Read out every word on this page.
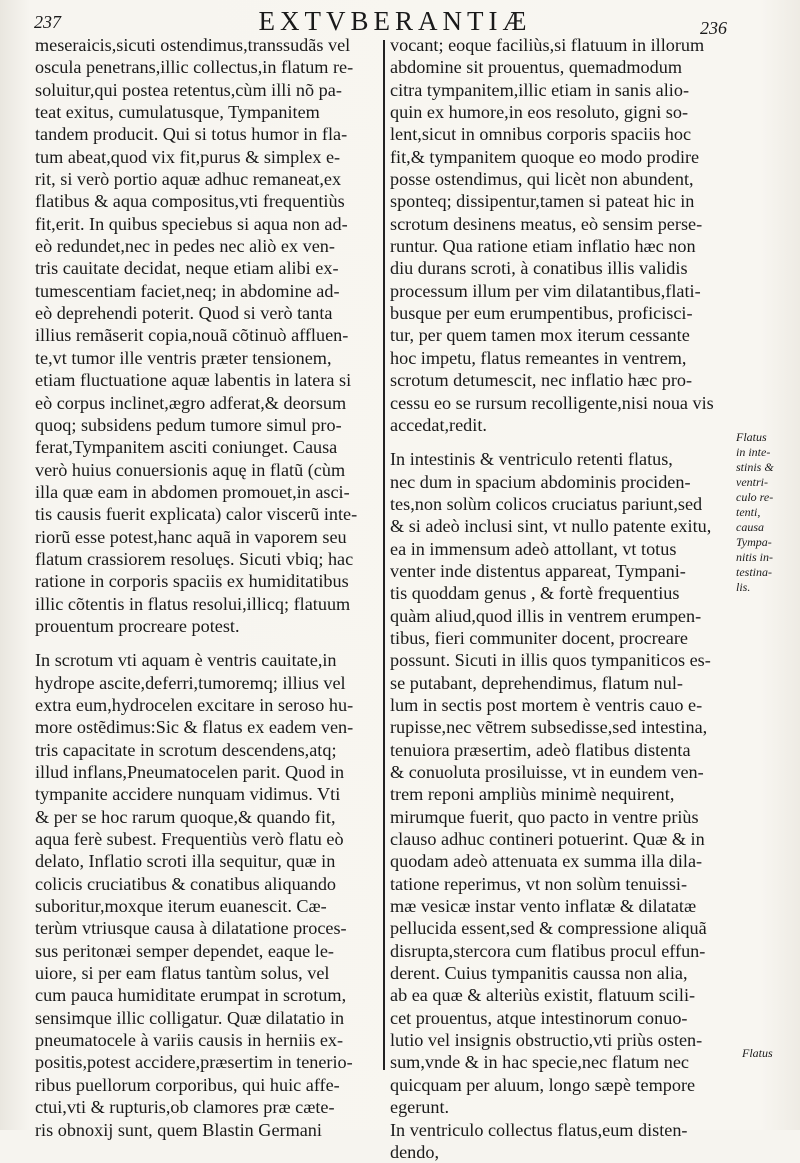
237	EXTVBERANTIÆ	236
meseraicis,sicuti ostendimus,transsudãs vel
oscula penetrans,illic collectus,in flatum re-
soluitur,qui postea retentus,cùm illi nõ pa-
teat exitus, cumulatusque, Tympanitem
tandem producit. Qui si totus humor in fla-
tum abeat,quod vix fit,purus & simplex e-
rit, si verò portio aquæ adhuc remaneat,ex
flatibus & aqua compositus,vti frequentiùs
fit,erit. In quibus speciebus si aqua non ad-
eò redundet,nec in pedes nec aliò ex ven-
tris cauitate decidat, neque etiam alibi ex-
tumescentiam faciet,neq; in abdomine ad-
eò deprehendi poterit. Quod si verò tanta
illius remãserit copia,nouã cõtinuò affluen-
te,vt tumor ille ventris præter tensionem,
etiam fluctuatione aquæ labentis in latera si
eò corpus inclinet,ægro adferat,& deorsum
quoq; subsidens pedum tumore simul pro-
ferat,Tympanitem asciti coniunget. Causa
verò huius conuersionis aquę in flatũ (cùm
illa quæ eam in abdomen promouet,in asci-
tis causis fuerit explicata) calor viscerũ inte-
riorũ esse potest,hanc aquã in vaporem seu
flatum crassiorem resoluęs. Sicuti vbiq; hac
ratione in corporis spaciis ex humiditatibus
illic cõtentis in flatus resolui,illicq; flatuum
prouentum procreare potest.
In scrotum vti aquam è ventris cauitate,in
hydrope ascite,deferri,tumoremq; illius vel
extra eum,hydrocelen excitare in seroso hu-
more ostẽdimus:Sic & flatus ex eadem ven-
tris capacitate in scrotum descendens,atq;
illud inflans,Pneumatocelen parit. Quod in
tympanite accidere nunquam vidimus. Vti
& per se hoc rarum quoque,& quando fit,
aqua ferè subest. Frequentiùs verò flatu eò
delato, Inflatio scroti illa sequitur, quæ in
colicis cruciatibus & conatibus aliquando
suboritur,moxque iterum euanescit. Cæ-
terùm vtriusque causa à dilatatione proces-
sus peritonæi semper dependet, eaque le-
uiore, si per eam flatus tantùm solus, vel
cum pauca humiditate erumpat in scrotum,
sensimque illic colligatur. Quæ dilatatio in
pneumatocele à variis causis in herniis ex-
positis,potest accidere,præsertim in tenerio-
ribus puellorum corporibus, qui huic affe-
ctui,vti & rupturis,ob clamores præ cæte-
ris obnoxij sunt, quem Blastin Germani
vocant; eoque faciliùs,si flatuum in illorum
abdomine sit prouentus, quemadmodum
citra tympanitem,illic etiam in sanis alio-
quin ex humore,in eos resoluto, gigni so-
lent,sicut in omnibus corporis spaciis hoc
fit,& tympanitem quoque eo modo prodire
posse ostendimus, qui licèt non abundent,
sponteq; dissipentur,tamen si pateat hic in
scrotum desinens meatus, eò sensim perse-
runtur. Qua ratione etiam inflatio hæc non
diu durans scroti, à conatibus illis validis
processum illum per vim dilatantibus,flati-
busque per eum erumpentibus, proficisci-
tur, per quem tamen mox iterum cessante
hoc impetu, flatus remeantes in ventrem,
scrotum detumescit, nec inflatio hæc pro-
cessu eo se rursum recolligente,nisi noua vis
accedat,redit.
In intestinis & ventriculo retenti flatus,
nec dum in spacium abdominis prociden-
tes,non solùm colicos cruciatus pariunt,sed
& si adeò inclusi sint, vt nullo patente exitu,
ea in immensum adeò attollant, vt totus
venter inde distentus appareat, Tympani-
tis quoddam genus , & fortè frequentius
quàm aliud,quod illis in ventrem erumpen-
tibus, fieri communiter docent, procreare
possunt. Sicuti in illis quos tympaniticos es-
se putabant, deprehendimus, flatum nul-
lum in sectis post mortem è ventris cauo e-
rupisse,nec vẽtrem subsedisse,sed intestina,
tenuiora præsertim, adeò flatibus distenta
& conuoluta prosiluisse, vt in eundem ven-
trem reponi ampliùs minimè nequirent,
mirumque fuerit, quo pacto in ventre priùs
clauso adhuc contineri potuerint. Quæ & in
quodam adeò attenuata ex summa illa dila-
tatione reperimus, vt non solùm tenuissi-
mæ vesicæ instar vento inflatæ & dilatatæ
pellucida essent,sed & compressione aliquã
disrupta,stercora cum flatibus procul effun-
derent. Cuius tympanitis caussa non alia,
ab ea quæ & alteriùs existit, flatuum scili-
cet prouentus, atque intestinorum conuo-
lutio vel insignis obstructio,vti priùs osten-
sum,vnde & in hac specie,nec flatum nec
quicquam per aluum, longo sæpè tempore
egerunt.
In ventriculo collectus flatus,eum disten-
dendo,
Flatus
in inte-
stinis &
ventri-
culo re-
tenti,
causa
Tympa-
nitis in-
testina-
lis.
Flatus
